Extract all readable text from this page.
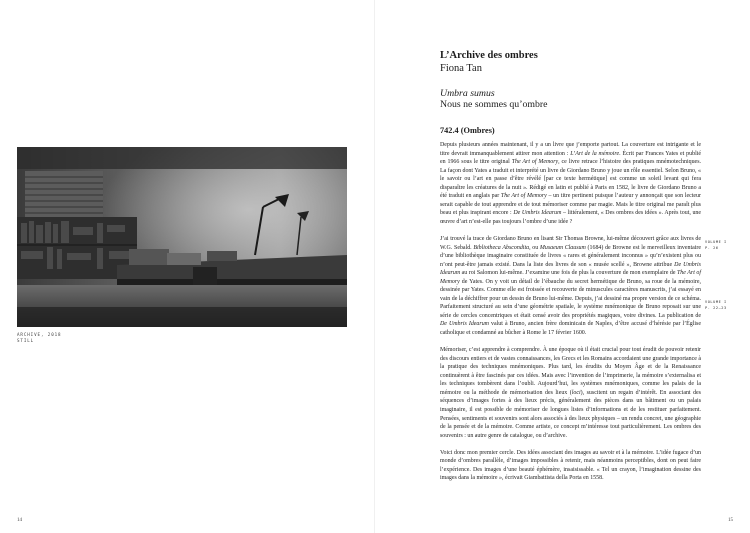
ARCHIVE, 2018
STILL
14
L’Archive des ombres
Fiona Tan
Umbra sumus
Nous ne sommes qu’ombre
742.4 (Ombres)

Depuis plusieurs années maintenant, il y a un livre que j’emporte partout. La couverture est intrigante et le titre devrait immanquablement attirer mon attention : L’Art de la mémoire. Écrit par Frances Yates et publié en 1966 sous le titre original The Art of Memory, ce livre retrace l’histoire des pratiques mnémotechniques. La façon dont Yates a traduit et interprété un livre de Giordano Bruno y joue un rôle essentiel. Selon Bruno, « le savoir ou l’art en passe d’être révélé [par ce texte hermétique] est comme un soleil levant qui fera disparaître les créatures de la nuit ». Rédigé en latin et publié à Paris en 1582, le livre de Giordano Bruno a été traduit en anglais par The Art of Memory – un titre pertinent puisque l’auteur y annonçait que son lecteur serait capable de tout apprendre et de tout mémoriser comme par magie. Mais le titre original me paraît plus beau et plus inspirant encore : De Umbris Idearum – littéralement, « Des ombres des idées ». Après tout, une œuvre d’art n’est-elle pas toujours l’ombre d’une idée ?

J’ai trouvé la trace de Giordano Bruno en lisant Sir Thomas Browne, lui-même découvert grâce aux livres de W.G. Sebald. Bibliotheca Abscondita, ou Musaeum Clausum (1684) de Browne est le merveilleux inventaire d’une bibliothèque imaginaire constituée de livres « rares et généralement inconnus » qu’n’existent plus ou n’ont peut-être jamais existé. Dans la liste des livres de son « musée scellé », Browne attribue De Umbris Idearum au roi Salomon lui-même. J’examine une fois de plus la couverture de mon exemplaire de The Art of Memory de Yates. On y voit un détail de l’ébauche du secret hermétique de Bruno, sa roue de la mémoire, dessinée par Yates. Comme elle est froissée et recouverte de minuscules caractères manuscrits, j’ai essayé en vain de la déchiffrer pour un dessin de Bruno lui-même. Depuis, j’ai dessiné ma propre version de ce schéma. Parfaitement structuré au sein d’une géométrie spatiale, le système mnémonique de Bruno reposait sur une série de cercles concentriques et était censé avoir des propriétés magiques, voire divines. La publication de De Umbris Idearum valut à Bruno, ancien frère dominicain de Naples, d’être accusé d’hérésie par l’Église catholique et condamné au bûcher à Rome le 17 février 1600.

Mémoriser, c’est apprendre à comprendre. À une époque où il était crucial pour tout érudit de pouvoir retenir des discours entiers et de vastes connaissances, les Grecs et les Romains accordaient une grande importance à la pratique des techniques mnémoniques. Plus tard, les érudits du Moyen Âge et de la Renaissance continuèrent à être fascinés par ces idées. Mais avec l’invention de l’imprimerie, la mémoire s’externalisa et les techniques tombèrent dans l’oubli. Aujourd’hui, les systèmes mnémoniques, comme les palais de la mémoire ou la méthode de mémorisation des lieux (loci), suscitent un regain d’intérêt. En associant des séquences d’images fortes à des lieux précis, généralement des pièces dans un bâtiment ou un palais imaginaire, il est possible de mémoriser de longues listes d’informations et de les restituer parfaitement. Pensées, sentiments et souvenirs sont alors associés à des lieux physiques – un rendu concret, une géographie de la pensée et de la mémoire. Comme artiste, ce concept m’intéresse tout particulièrement. Les ombres des souvenirs : un autre genre de catalogue, ou d’archive.

Voici donc mon premier cercle. Des idées associant des images au savoir et à la mémoire. L’idée fugace d’un monde d’ombres parallèle, d’images impossibles à retenir, mais néanmoins perceptibles, dont on peut faire l’expérience. Des images d’une beauté éphémère, insaisissable. « Tel un crayon, l’imagination dessine des images dans la mémoire », écrivait Giambattista della Porta en 1558.

VOLUME I
P. 26
VOLUME I
P. 22–23
15
